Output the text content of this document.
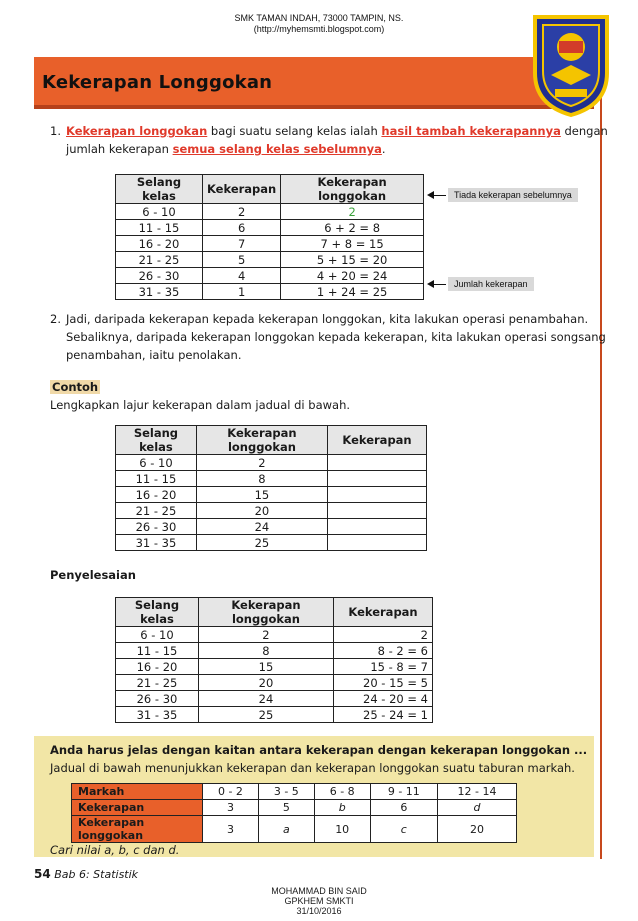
SMK TAMAN INDAH, 73000 TAMPIN, NS.
(http://myhemsmti.blogspot.com)
Kekerapan Longgokan
1. Kekerapan longgokan bagi suatu selang kelas ialah hasil tambah kekerapannya dengan
jumlah kekerapan semua selang kelas sebelumnya.
Selang kelas	Kekerapan	Kekerapan longgokan
6 - 10	2	2
11 - 15	6	6 + 2 = 8
16 - 20	7	7 + 8 = 15
21 - 25	5	5 + 15 = 20
26 - 30	4	4 + 20 = 24
31 - 35	1	1 + 24 = 25
Tiada kekerapan sebelumnya
Jumlah kekerapan
2. Jadi, daripada kekerapan kepada kekerapan longgokan, kita lakukan operasi penambahan.
Sebaliknya, daripada kekerapan longgokan kepada kekerapan, kita lakukan operasi songsang
penambahan, iaitu penolakan.
Contoh
Lengkapkan lajur kekerapan dalam jadual di bawah.
Selang kelas	Kekerapan longgokan	Kekerapan
6 - 10	2	
11 - 15	8	
16 - 20	15	
21 - 25	20	
26 - 30	24	
31 - 35	25	
Penyelesaian
Selang kelas	Kekerapan longgokan	Kekerapan
6 - 10	2	2
11 - 15	8	8 - 2 = 6
16 - 20	15	15 - 8 = 7
21 - 25	20	20 - 15 = 5
26 - 30	24	24 - 20 = 4
31 - 35	25	25 - 24 = 1
Anda harus jelas dengan kaitan antara kekerapan dengan kekerapan longgokan ...
Jadual di bawah menunjukkan kekerapan dan kekerapan longgokan suatu taburan markah.
Markah	0 - 2	3 - 5	6 - 8	9 - 11	12 - 14
Kekerapan	3	5	b	6	d
Kekerapan longgokan	3	a	10	c	20
Cari nilai a, b, c dan d.
54 Bab 6: Statistik
MOHAMMAD BIN SAID
GPKHEM SMKTI
31/10/2016
